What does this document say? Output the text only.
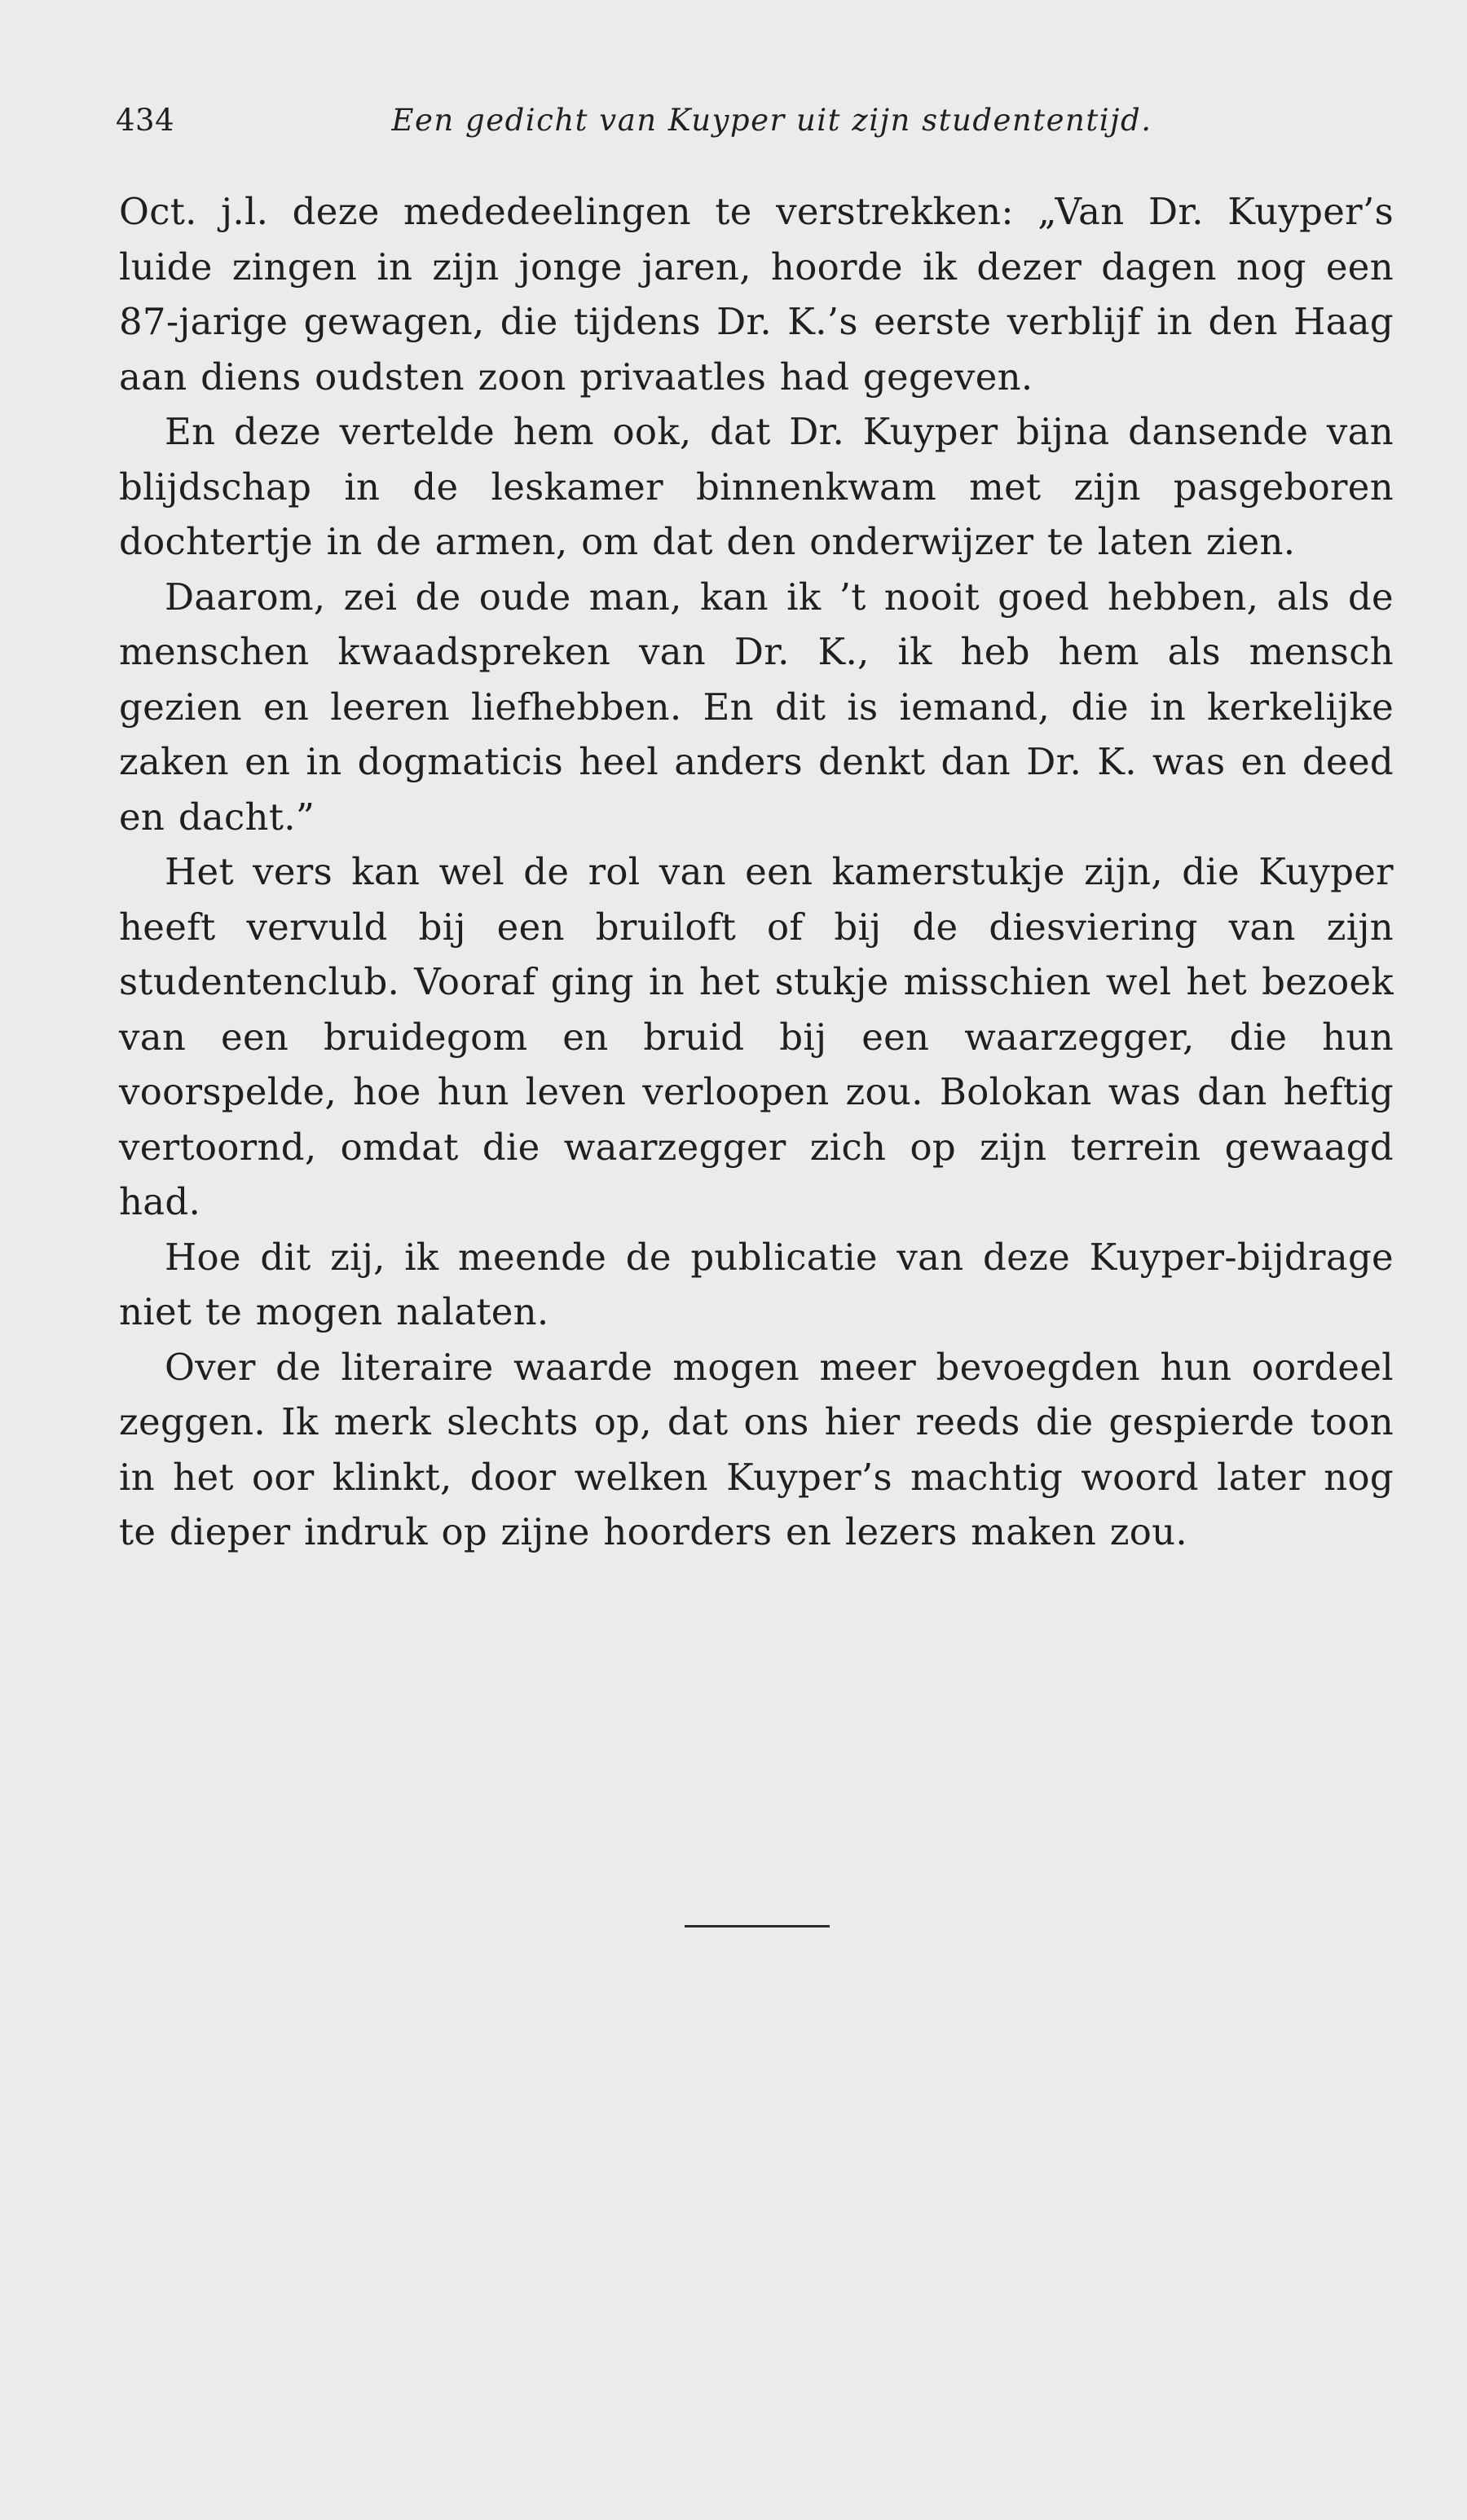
434	Een gedicht van Kuyper uit zijn studententijd.

Oct. j.l. deze mededeelingen te verstrekken: „Van Dr. Kuyper’s luide zingen in zijn jonge jaren, hoorde ik dezer dagen nog een 87-jarige gewagen, die tijdens Dr. K.’s eerste verblijf in den Haag aan diens oudsten zoon privaatles had gegeven.

En deze vertelde hem ook, dat Dr. Kuyper bijna dansende van blijdschap in de leskamer binnenkwam met zijn pasgeboren dochtertje in de armen, om dat den onderwijzer te laten zien.

Daarom, zei de oude man, kan ik ’t nooit goed hebben, als de menschen kwaadspreken van Dr. K., ik heb hem als mensch gezien en leeren liefhebben. En dit is iemand, die in kerkelijke zaken en in dogmaticis heel anders denkt dan Dr. K. was en deed en dacht.”

Het vers kan wel de rol van een kamerstukje zijn, die Kuyper heeft vervuld bij een bruiloft of bij de diesviering van zijn studentenclub. Vooraf ging in het stukje misschien wel het bezoek van een bruidegom en bruid bij een waarzegger, die hun voorspelde, hoe hun leven verloopen zou. Bolokan was dan heftig vertoornd, omdat die waarzegger zich op zijn terrein gewaagd had.

Hoe dit zij, ik meende de publicatie van deze Kuyper-bijdrage niet te mogen nalaten.

Over de literaire waarde mogen meer bevoegden hun oordeel zeggen. Ik merk slechts op, dat ons hier reeds die gespierde toon in het oor klinkt, door welken Kuyper’s machtig woord later nog te dieper indruk op zijne hoorders en lezers maken zou.
